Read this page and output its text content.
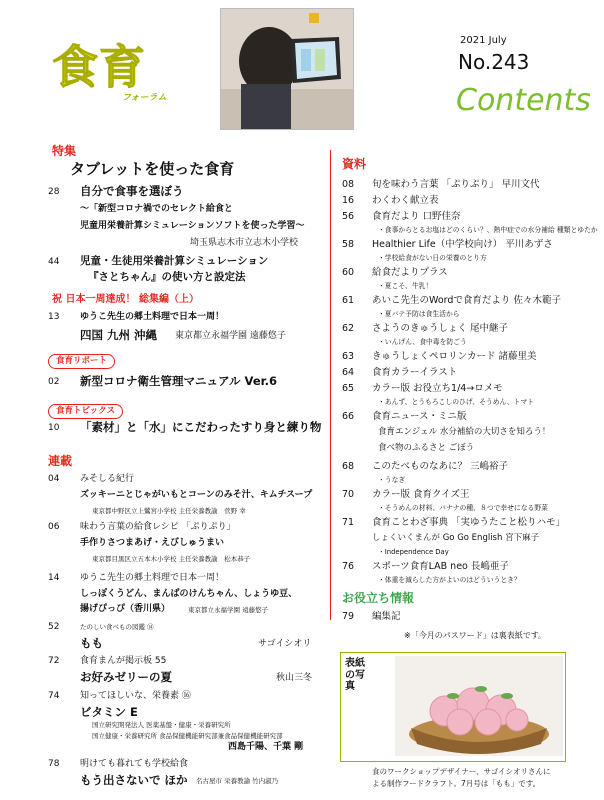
食育
フォーラム
2021 July
No.243
Contents
特集
タブレットを使った食育
28 自分で食事を選ぼう
～「新型コロナ禍でのセレクト給食と
児童用栄養計算シミュレーションソフトを使った学習～
埼玉県志木市立志木小学校
44 児童・生徒用栄養計算シミュレーション
『さとちゃん』の使い方と設定法
祝 日本一周達成！ 総集編（上）
13 ゆうこ先生の郷土料理で日本一周！
四国 九州 沖縄 東京都立永福学園 遠藤悠子
食育リポート
02 新型コロナ衛生管理マニュアル Ver.6
食育トピックス
10 「素材」と「水」にこだわったすり身と練り物
連載
04 みそしる紀行
ズッキーニとじゃがいもとコーンのみそ汁、キムチスープ
東京都中野区立上鷺宮小学校 主任栄養教諭　菅野 幸
06 味わう言葉の給食レシピ 「ぷりぷり」
手作りさつまあげ・えびしゅうまい
東京都目黒区立五本木小学校 主任栄養教諭　松本恭子
14 ゆうこ先生の郷土料理で日本一周！
しっぽくうどん、まんばのけんちゃん、しょうゆ豆、
揚げぴっぴ（香川県）	東京都立永福学園 遠藤悠子
52	たのしい食べもの図鑑 ⑭
もも	サゴイシオリ
72 食育まんが掲示板 55
お好みゼリーの夏	秋山三冬
74 知ってほしいな、栄養素 ⑯
ビタミン E
国立研究開発法人 医薬基盤・健康・栄養研究所
国立健康・栄養研究所 食品保健機能研究部兼食品保健機能研究部
西島千陽、千葉 剛
78 明けても暮れても学校給食
もう出さないで ほか 名古屋市 栄養教諭 竹内淑乃
資料
08 旬を味わう言葉 「ぷりぷり」 早川文代
16 わくわく献立表
56 食育だより 口野佳奈
・食事からとるお塩はどのくらい？、熱中症での水分補給 種類とゆたか
58 Healthier Life（中学校向け） 平川あずさ
・学校給食がない日の栄養のとり方
60 給食だよりプラス
・夏こそ、牛乳！
61 あいこ先生のWordで食育だより 佐々木範子
・夏バテ予防は食生活から
62 さようのきゅうしょく 尾中継子
・いんげん、食中毒を防ごう
63 きゅうしょくペロリンカード 諸藤里美
64 食育カラーイラスト
65 カラー版 お役立ち1/4→ロメモ
・あんず、とうもろこしのひげ、そうめん、トマト
66 食育ニュース・ミニ版
食育エンジェル 水分補給の大切さを知ろう！
食べ物のふるさと ごぼう
68 このたべものなあに？ 三嶋裕子
・うなぎ
70 カラー版 食育クイズ王
・そうめんの材料、バナナの種、８つで幸せになる野菜
71 食育ことわざ事典 「実ゆうたこと松りハモ」
しょくいくまんが Go Go English 宮下麻子
・Independence Day
76 スポーツ食育LAB neo 長嶋亜子
・体重を減らした方がよいのはどういうとき？
お役立ち情報
79 編集記
※「今月のパスワード」は裏表紙です。
表紙の写真
食のワークショップデザイナー、サゴイシオリさんに
よる制作フードクラフト。7月号は「もも」です。
